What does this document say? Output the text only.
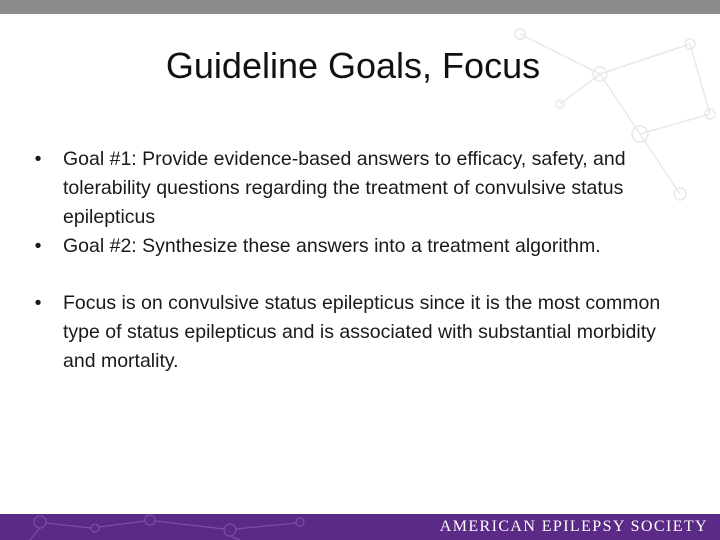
Guideline Goals, Focus
•	Goal #1: Provide evidence-based answers to efficacy, safety, and tolerability questions regarding the treatment of convulsive status epilepticus
•	Goal #2: Synthesize these answers into a treatment algorithm.
•	Focus is on convulsive status epilepticus since it is the most common type of status epilepticus and is associated with substantial morbidity and mortality.
AMERICAN EPILEPSY SOCIETY
